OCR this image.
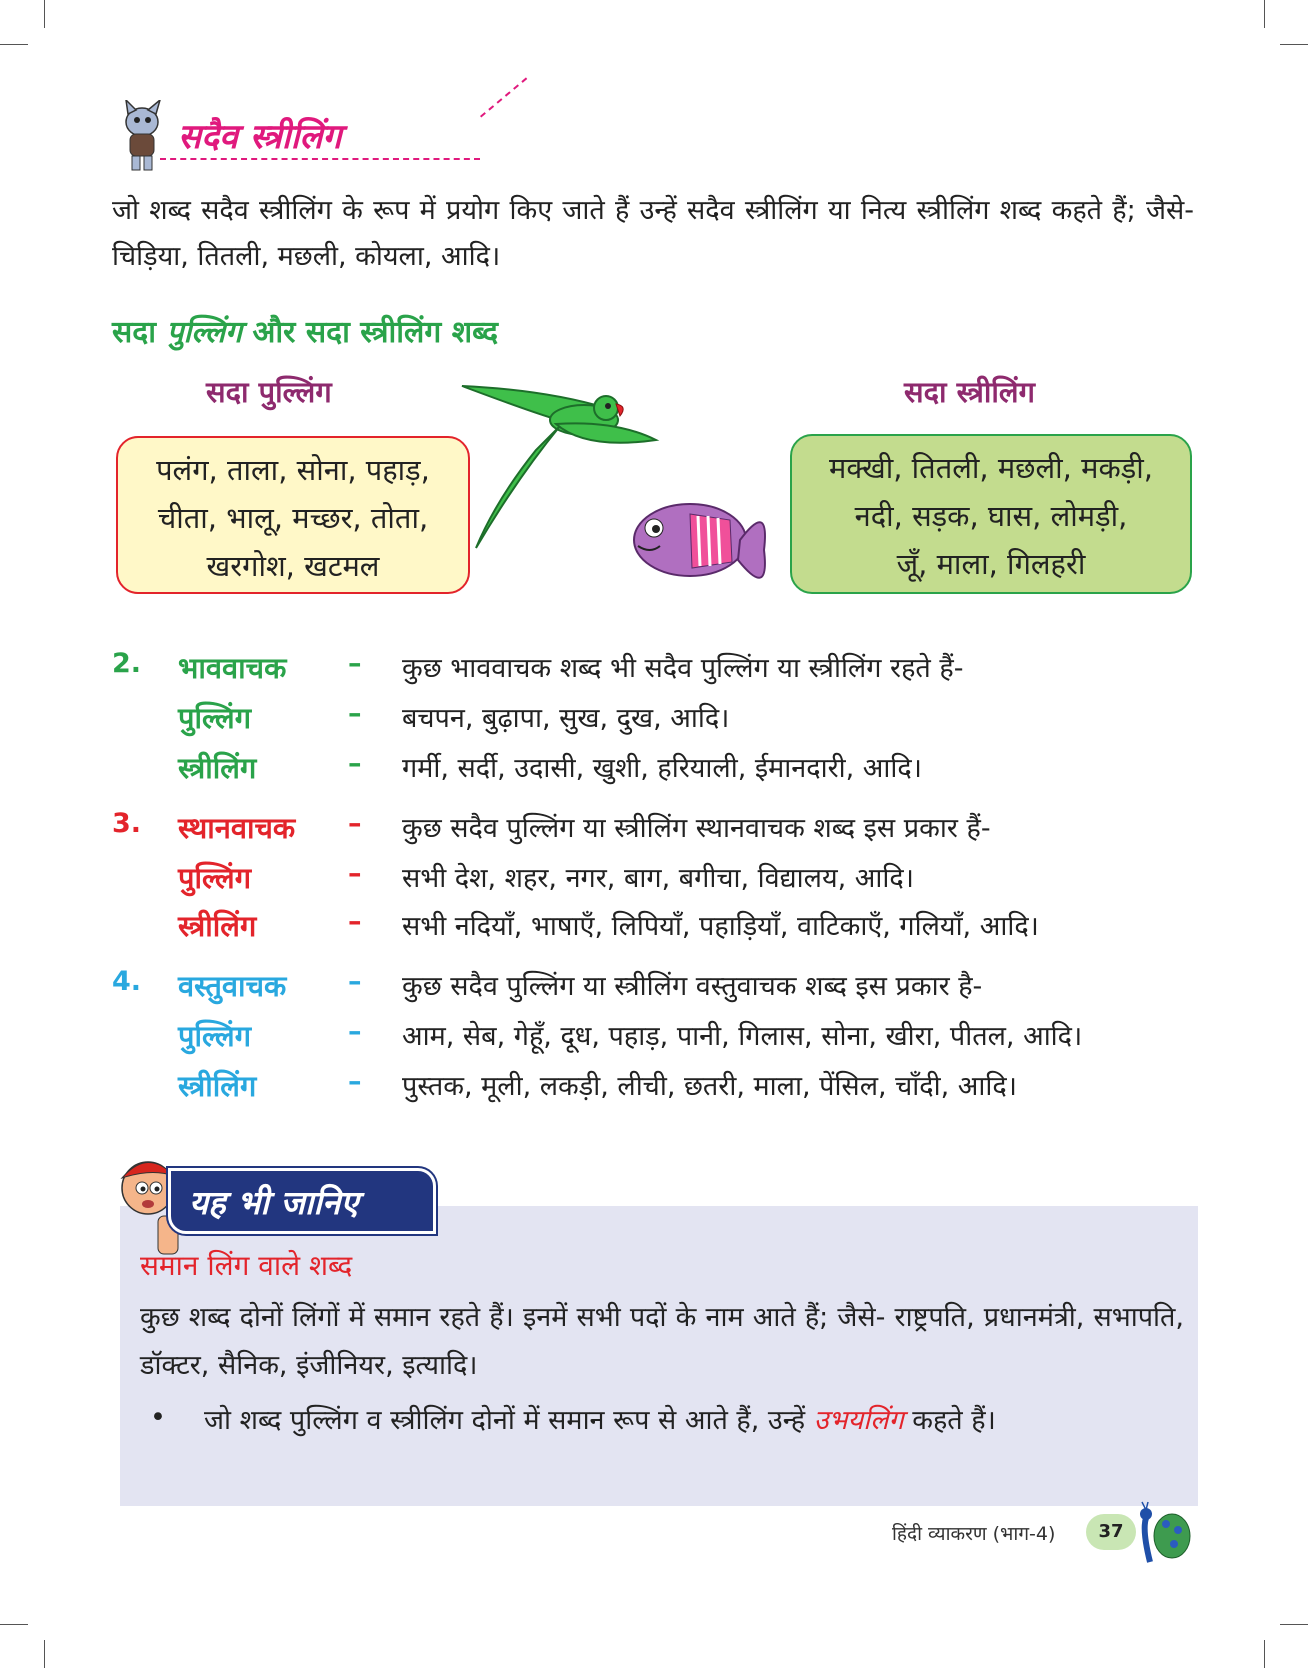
सदैव स्त्रीलिंग
जो शब्द सदैव स्त्रीलिंग के रूप में प्रयोग किए जाते हैं उन्हें सदैव स्त्रीलिंग या नित्य स्त्रीलिंग शब्द कहते हैं; जैसे- चिड़िया, तितली, मछली, कोयला, आदि।
सदा पुल्लिंग और सदा स्त्रीलिंग शब्द
सदा पुल्लिंग
पलंग, ताला, सोना, पहाड़,
चीता, भालू, मच्छर, तोता,
खरगोश, खटमल
सदा स्त्रीलिंग
मक्खी, तितली, मछली, मकड़ी,
नदी, सड़क, घास, लोमड़ी,
जूँ, माला, गिलहरी
2. भाववाचक – कुछ भाववाचक शब्द भी सदैव पुल्लिंग या स्त्रीलिंग रहते हैं-
पुल्लिंग	– बचपन, बुढ़ापा, सुख, दुख, आदि।
स्त्रीलिंग	– गर्मी, सर्दी, उदासी, खुशी, हरियाली, ईमानदारी, आदि।
3. स्थानवाचक – कुछ सदैव पुल्लिंग या स्त्रीलिंग स्थानवाचक शब्द इस प्रकार हैं-
पुल्लिंग	– सभी देश, शहर, नगर, बाग, बगीचा, विद्यालय, आदि।
स्त्रीलिंग	– सभी नदियाँ, भाषाएँ, लिपियाँ, पहाड़ियाँ, वाटिकाएँ, गलियाँ, आदि।
4. वस्तुवाचक – कुछ सदैव पुल्लिंग या स्त्रीलिंग वस्तुवाचक शब्द इस प्रकार है-
पुल्लिंग	– आम, सेब, गेहूँ, दूध, पहाड़, पानी, गिलास, सोना, खीरा, पीतल, आदि।
स्त्रीलिंग	– पुस्तक, मूली, लकड़ी, लीची, छतरी, माला, पेंसिल, चाँदी, आदि।
यह भी जानिए
समान लिंग वाले शब्द
कुछ शब्द दोनों लिंगों में समान रहते हैं। इनमें सभी पदों के नाम आते हैं; जैसे- राष्ट्रपति, प्रधानमंत्री, सभापति, डॉक्टर, सैनिक, इंजीनियर, इत्यादि।
• जो शब्द पुल्लिंग व स्त्रीलिंग दोनों में समान रूप से आते हैं, उन्हें उभयलिंग कहते हैं।
हिंदी व्याकरण (भाग-4)	37
